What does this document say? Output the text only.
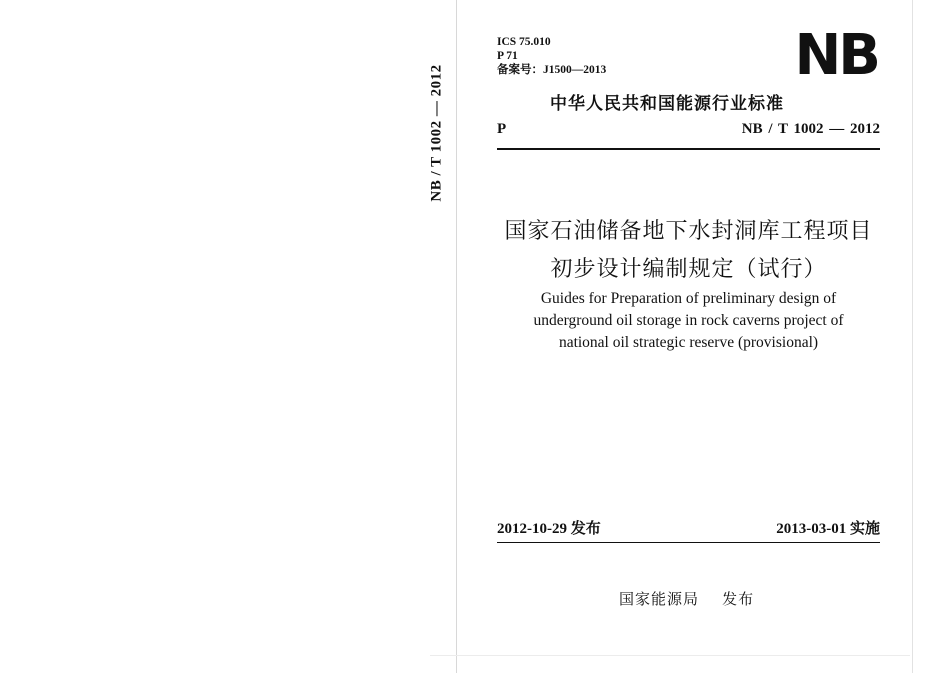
NB / T 1002 — 2012
ICS 75.010
P 71
备案号：J1500—2013	NB
中华人民共和国能源行业标准
P	NB / T 1002 — 2012
国家石油储备地下水封洞库工程项目
初步设计编制规定（试行）
Guides for Preparation of preliminary design of
underground oil storage in rock caverns project of
national oil strategic reserve (provisional)
2012-10-29 发布	2013-03-01 实施
国家能源局    发布
